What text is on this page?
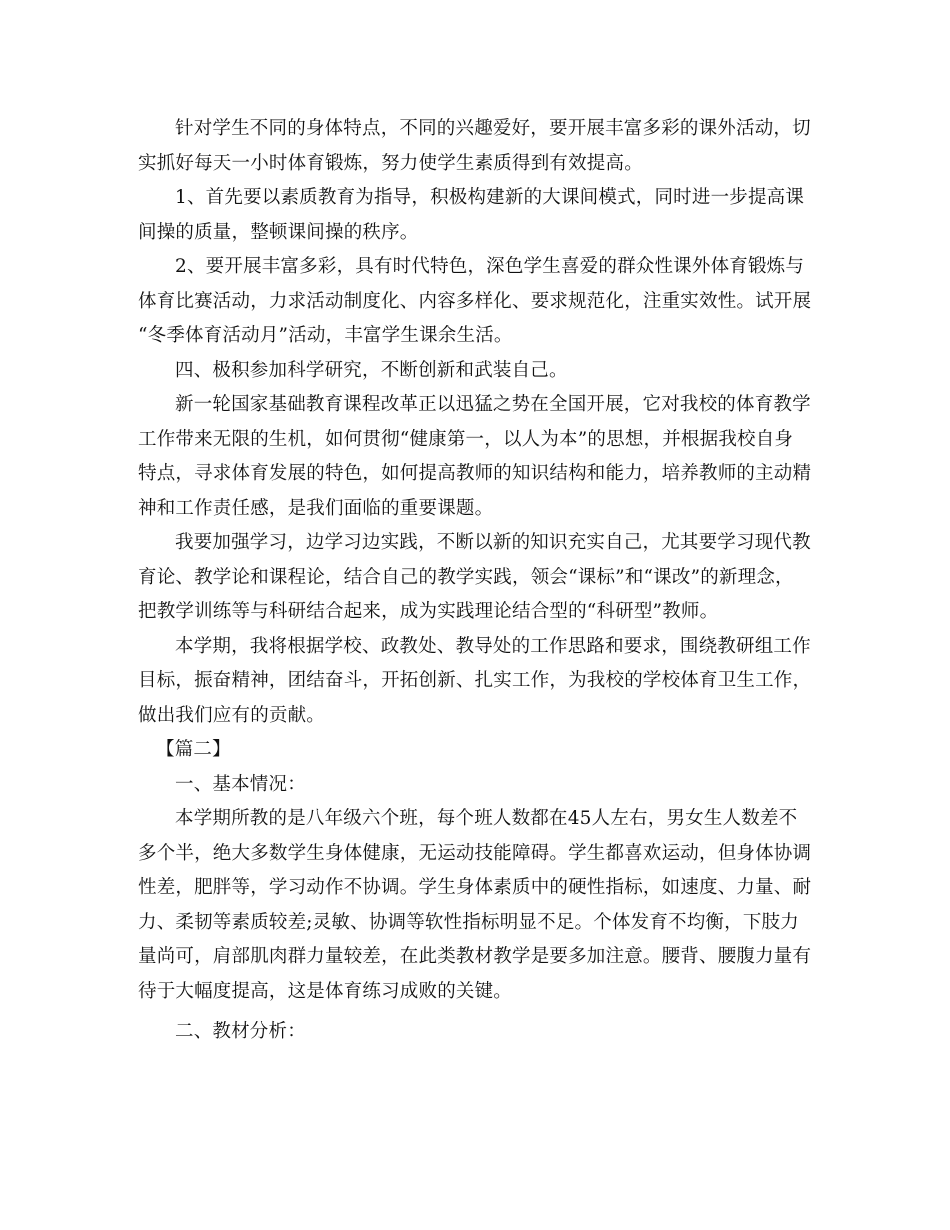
针对学生不同的身体特点，不同的兴趣爱好，要开展丰富多彩的课外活动，切
实抓好每天一小时体育锻炼，努力使学生素质得到有效提高。

1、首先要以素质教育为指导，积极构建新的大课间模式，同时进一步提高课
间操的质量，整顿课间操的秩序。

2、要开展丰富多彩，具有时代特色，深色学生喜爱的群众性课外体育锻炼与
体育比赛活动，力求活动制度化、内容多样化、要求规范化，注重实效性。试开展
“冬季体育活动月”活动，丰富学生课余生活。

四、极积参加科学研究，不断创新和武装自己。

新一轮国家基础教育课程改革正以迅猛之势在全国开展，它对我校的体育教学
工作带来无限的生机，如何贯彻“健康第一，以人为本”的思想，并根据我校自身
特点，寻求体育发展的特色，如何提高教师的知识结构和能力，培养教师的主动精
神和工作责任感，是我们面临的重要课题。

我要加强学习，边学习边实践，不断以新的知识充实自己，尤其要学习现代教
育论、教学论和课程论，结合自己的教学实践，领会“课标”和“课改”的新理念，
把教学训练等与科研结合起来，成为实践理论结合型的“科研型”教师。

本学期，我将根据学校、政教处、教导处的工作思路和要求，围绕教研组工作
目标，振奋精神，团结奋斗，开拓创新、扎实工作，为我校的学校体育卫生工作，
做出我们应有的贡献。

【篇二】

一、基本情况：

本学期所教的是八年级六个班，每个班人数都在45人左右，男女生人数差不
多个半，绝大多数学生身体健康，无运动技能障碍。学生都喜欢运动，但身体协调
性差，肥胖等，学习动作不协调。学生身体素质中的硬性指标，如速度、力量、耐
力、柔韧等素质较差;灵敏、协调等软性指标明显不足。个体发育不均衡，下肢力
量尚可，肩部肌肉群力量较差，在此类教材教学是要多加注意。腰背、腰腹力量有
待于大幅度提高，这是体育练习成败的关键。

二、教材分析：
